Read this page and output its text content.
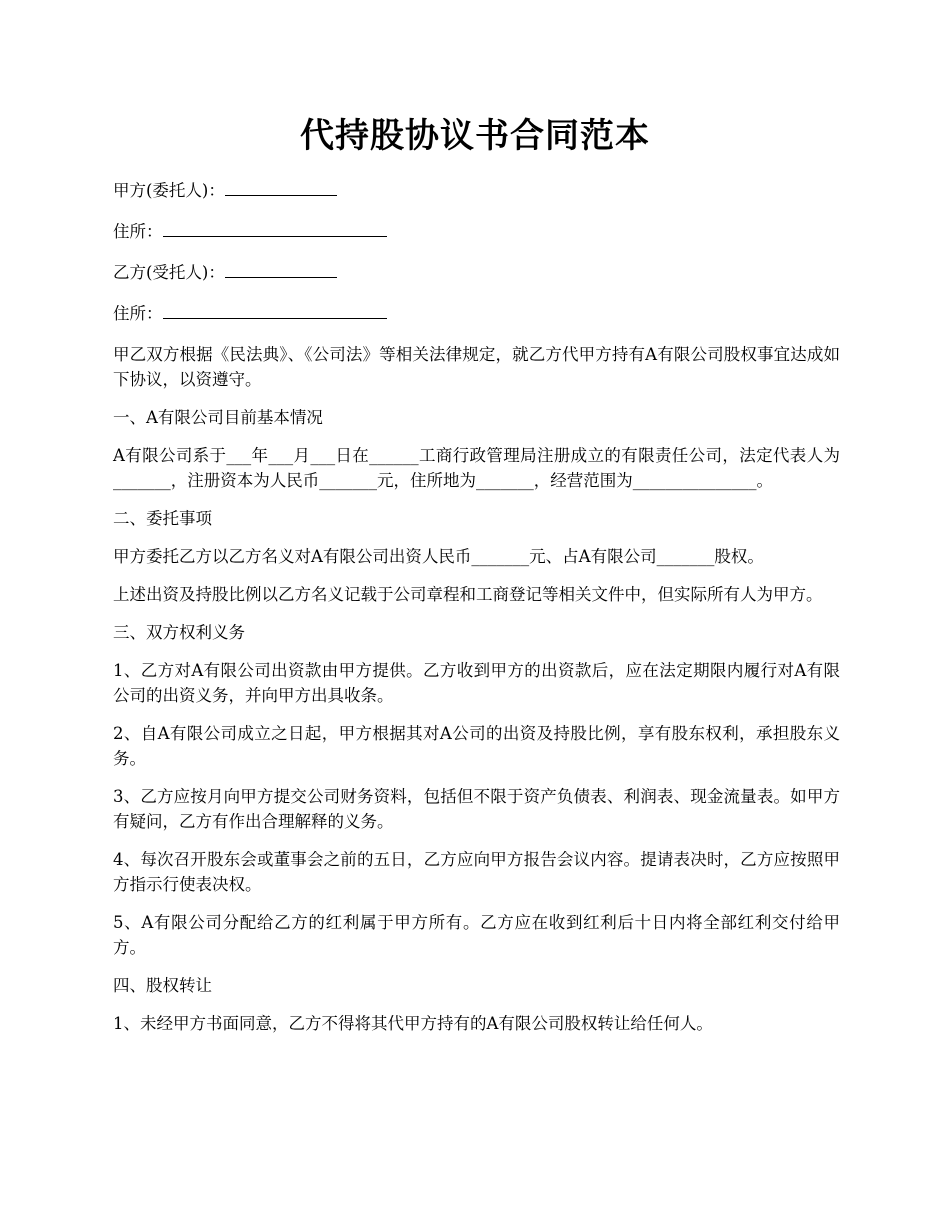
代持股协议书合同范本
甲方(委托人)：
住所：
乙方(受托人)：
住所：

甲乙双方根据《民法典》、《公司法》等相关法律规定，就乙方代甲方持有A有限公司股权事宜达成如下协议，以资遵守。

一、A有限公司目前基本情况

A有限公司系于___年___月___日在______工商行政管理局注册成立的有限责任公司，法定代表人为_______，注册资本为人民币_______元，住所地为_______，经营范围为_______________。

二、委托事项

甲方委托乙方以乙方名义对A有限公司出资人民币_______元、占A有限公司_______股权。

上述出资及持股比例以乙方名义记载于公司章程和工商登记等相关文件中，但实际所有人为甲方。

三、双方权利义务

1、乙方对A有限公司出资款由甲方提供。乙方收到甲方的出资款后，应在法定期限内履行对A有限公司的出资义务，并向甲方出具收条。

2、自A有限公司成立之日起，甲方根据其对A公司的出资及持股比例，享有股东权利，承担股东义务。

3、乙方应按月向甲方提交公司财务资料，包括但不限于资产负债表、利润表、现金流量表。如甲方有疑问，乙方有作出合理解释的义务。

4、每次召开股东会或董事会之前的五日，乙方应向甲方报告会议内容。提请表决时，乙方应按照甲方指示行使表决权。

5、A有限公司分配给乙方的红利属于甲方所有。乙方应在收到红利后十日内将全部红利交付给甲方。

四、股权转让

1、未经甲方书面同意，乙方不得将其代甲方持有的A有限公司股权转让给任何人。
